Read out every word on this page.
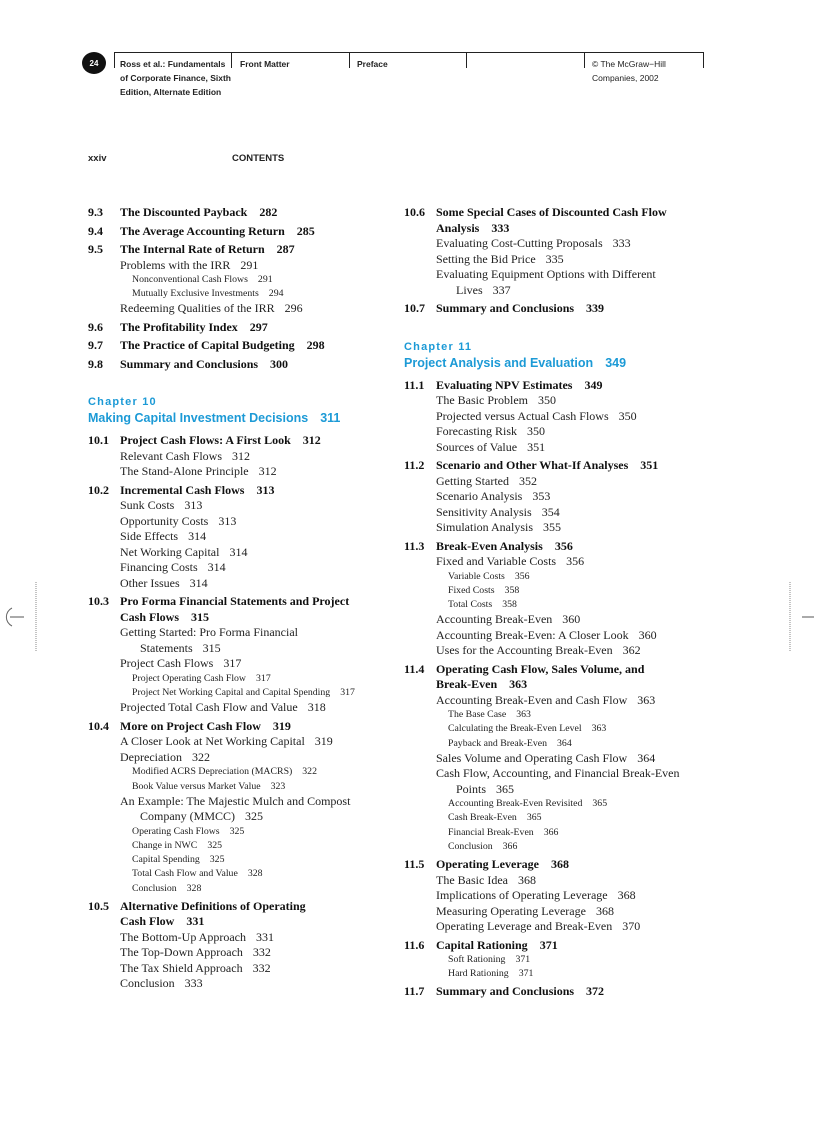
24	Ross et al.: Fundamentals
of Corporate Finance, Sixth
Edition, Alternate Edition
Front Matter	Preface	© The McGraw−Hill
Companies, 2002
xxiv	CONTENTS
9.3	The Discounted Payback 282
9.4	The Average Accounting Return 285
9.5	The Internal Rate of Return 287
Problems with the IRR 291
Nonconventional Cash Flows 291
Mutually Exclusive Investments 294
Redeeming Qualities of the IRR 296
9.6	The Profitability Index 297
9.7	The Practice of Capital Budgeting 298
9.8	Summary and Conclusions 300
Chapter 10
Making Capital Investment Decisions 311
10.1 Project Cash Flows: A First Look 312
Relevant Cash Flows 312
The Stand-Alone Principle 312
10.2 Incremental Cash Flows 313
Sunk Costs 313
Opportunity Costs 313
Side Effects 314
Net Working Capital 314
Financing Costs 314
Other Issues 314
10.3 Pro Forma Financial Statements and Project
Cash Flows 315
Getting Started: Pro Forma Financial
Statements 315
Project Cash Flows 317
Project Operating Cash Flow 317
Project Net Working Capital and Capital Spending 317
Projected Total Cash Flow and Value 318
10.4 More on Project Cash Flow 319
A Closer Look at Net Working Capital 319
Depreciation 322
Modified ACRS Depreciation (MACRS) 322
Book Value versus Market Value 323
An Example: The Majestic Mulch and Compost
Company (MMCC) 325
Operating Cash Flows 325
Change in NWC 325
Capital Spending 325
Total Cash Flow and Value 328
Conclusion 328
10.5 Alternative Definitions of Operating
Cash Flow 331
The Bottom-Up Approach 331
The Top-Down Approach 332
The Tax Shield Approach 332
Conclusion 333
10.6 Some Special Cases of Discounted Cash Flow
Analysis 333
Evaluating Cost-Cutting Proposals 333
Setting the Bid Price 335
Evaluating Equipment Options with Different
Lives 337
10.7 Summary and Conclusions 339
Chapter 11
Project Analysis and Evaluation 349
11.1 Evaluating NPV Estimates 349
The Basic Problem 350
Projected versus Actual Cash Flows 350
Forecasting Risk 350
Sources of Value 351
11.2 Scenario and Other What-If Analyses 351
Getting Started 352
Scenario Analysis 353
Sensitivity Analysis 354
Simulation Analysis 355
11.3 Break-Even Analysis 356
Fixed and Variable Costs 356
Variable Costs 356
Fixed Costs 358
Total Costs 358
Accounting Break-Even 360
Accounting Break-Even: A Closer Look 360
Uses for the Accounting Break-Even 362
11.4 Operating Cash Flow, Sales Volume, and
Break-Even 363
Accounting Break-Even and Cash Flow 363
The Base Case 363
Calculating the Break-Even Level 363
Payback and Break-Even 364
Sales Volume and Operating Cash Flow 364
Cash Flow, Accounting, and Financial Break-Even
Points 365
Accounting Break-Even Revisited 365
Cash Break-Even 365
Financial Break-Even 366
Conclusion 366
11.5 Operating Leverage 368
The Basic Idea 368
Implications of Operating Leverage 368
Measuring Operating Leverage 368
Operating Leverage and Break-Even 370
11.6 Capital Rationing 371
Soft Rationing 371
Hard Rationing 371
11.7 Summary and Conclusions 372
